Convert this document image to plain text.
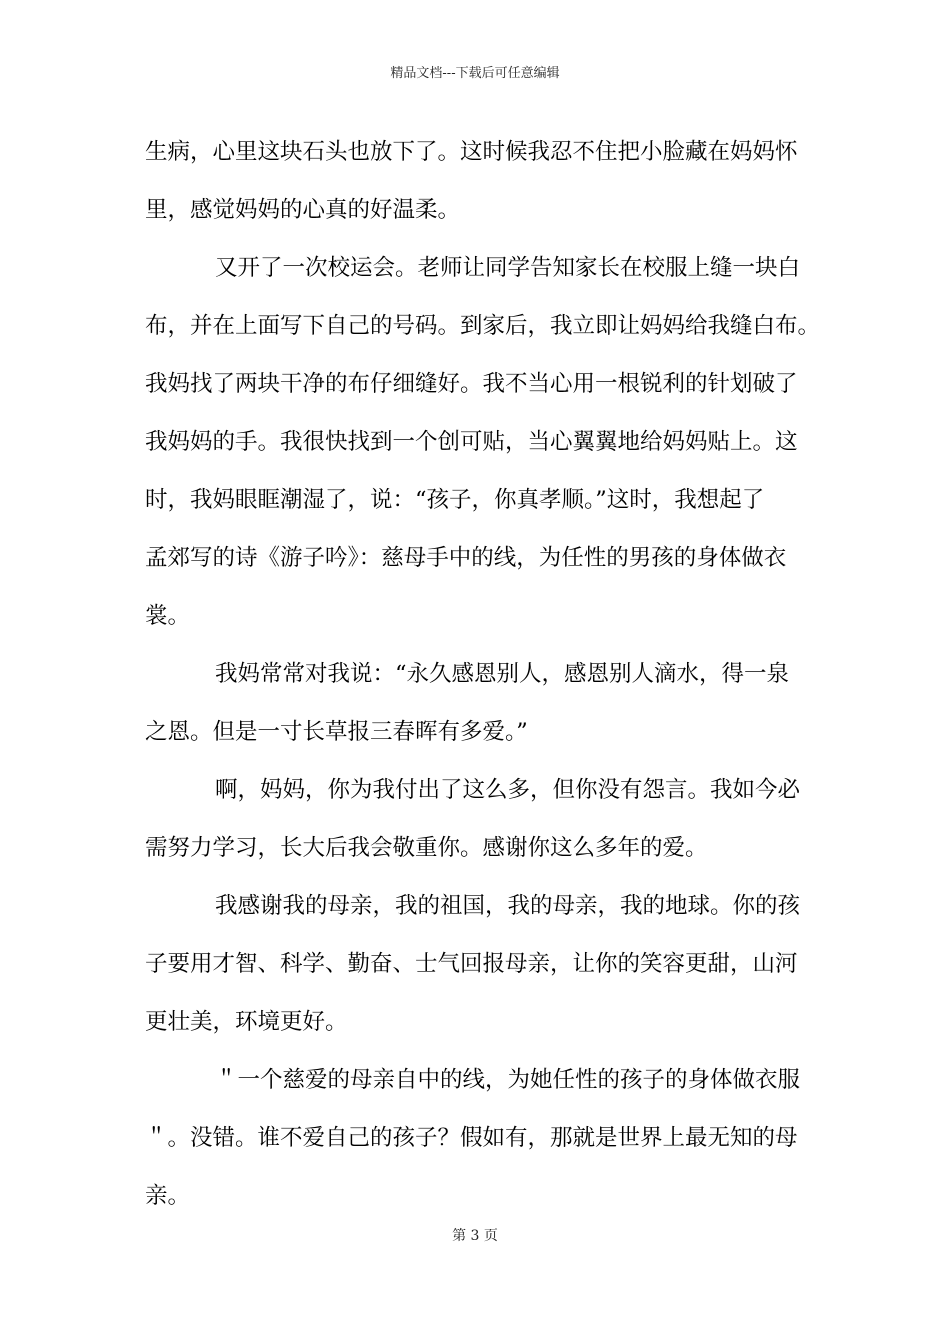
精品文档---下载后可任意编辑
生病，心里这块石头也放下了。这时候我忍不住把小脸藏在妈妈怀
里，感觉妈妈的心真的好温柔。
又开了一次校运会。老师让同学告知家长在校服上缝一块白
布，并在上面写下自己的号码。到家后，我立即让妈妈给我缝白布。
我妈找了两块干净的布仔细缝好。我不当心用一根锐利的针划破了
我妈妈的手。我很快找到一个创可贴，当心翼翼地给妈妈贴上。这
时，我妈眼眶潮湿了，说：“孩子，你真孝顺。”这时，我想起了
孟郊写的诗《游子吟》：慈母手中的线，为任性的男孩的身体做衣
裳。
我妈常常对我说：“永久感恩别人，感恩别人滴水，得一泉
之恩。但是一寸长草报三春晖有多爱。”
啊，妈妈，你为我付出了这么多，但你没有怨言。我如今必
需努力学习，长大后我会敬重你。感谢你这么多年的爱。
我感谢我的母亲，我的祖国，我的母亲，我的地球。你的孩
子要用才智、科学、勤奋、士气回报母亲，让你的笑容更甜，山河
更壮美，环境更好。
＂一个慈爱的母亲自中的线，为她任性的孩子的身体做衣服
＂。没错。谁不爱自己的孩子？假如有，那就是世界上最无知的母
亲。
第 3 页
